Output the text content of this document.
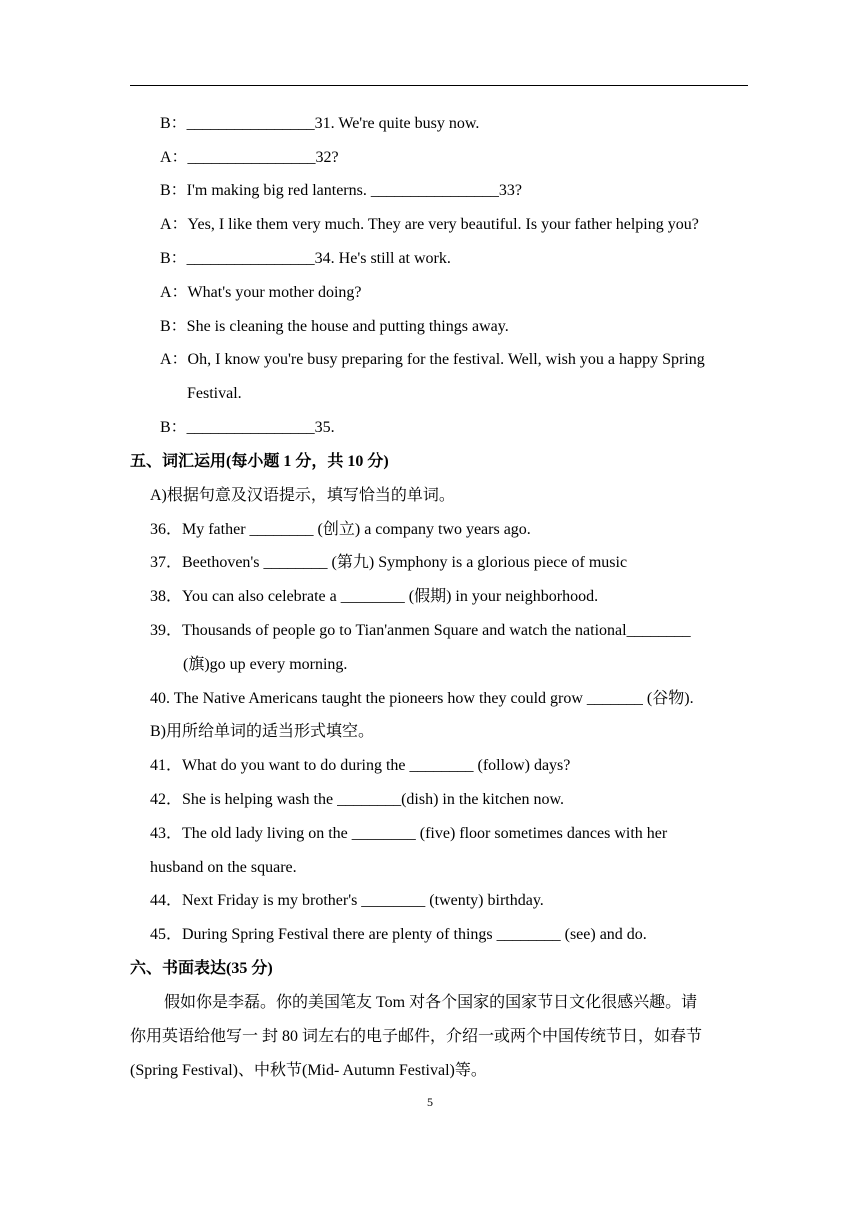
B：________________31. We're quite busy now.
A：________________32?
B：I'm making big red lanterns. ________________33?
A：Yes, I like them very much. They are very beautiful. Is your father helping you?
B：________________34. He's still at work.
A：What's your mother doing?
B：She is cleaning the house and putting things away.
A：Oh, I know you're busy preparing for the festival. Well, wish you a happy Spring
Festival.
B：________________35.
五、词汇运用(每小题 1 分，共 10 分)
A)根据句意及汉语提示，填写恰当的单词。
36．My father ________ (创立) a company two years ago.
37．Beethoven's ________ (第九) Symphony is a glorious piece of music
38．You can also celebrate a ________ (假期) in your neighborhood.
39．Thousands of people go to Tian'anmen Square and watch the national________
(旗)go up every morning.
40. The Native Americans taught the pioneers how they could grow _______ (谷物).
B)用所给单词的适当形式填空。
41．What do you want to do during the ________ (follow) days?
42．She is helping wash the ________(dish) in the kitchen now.
43．The old lady living on the ________ (five) floor sometimes dances with her
husband on the square.
44．Next Friday is my brother's ________ (twenty) birthday.
45．During Spring Festival there are plenty of things ________ (see) and do.
六、书面表达(35 分)
假如你是李磊。你的美国笔友 Tom 对各个国家的国家节日文化很感兴趣。请
你用英语给他写一 封 80 词左右的电子邮件，介绍一或两个中国传统节日，如春节
(Spring Festival)、中秋节(Mid- Autumn Festival)等。
5
